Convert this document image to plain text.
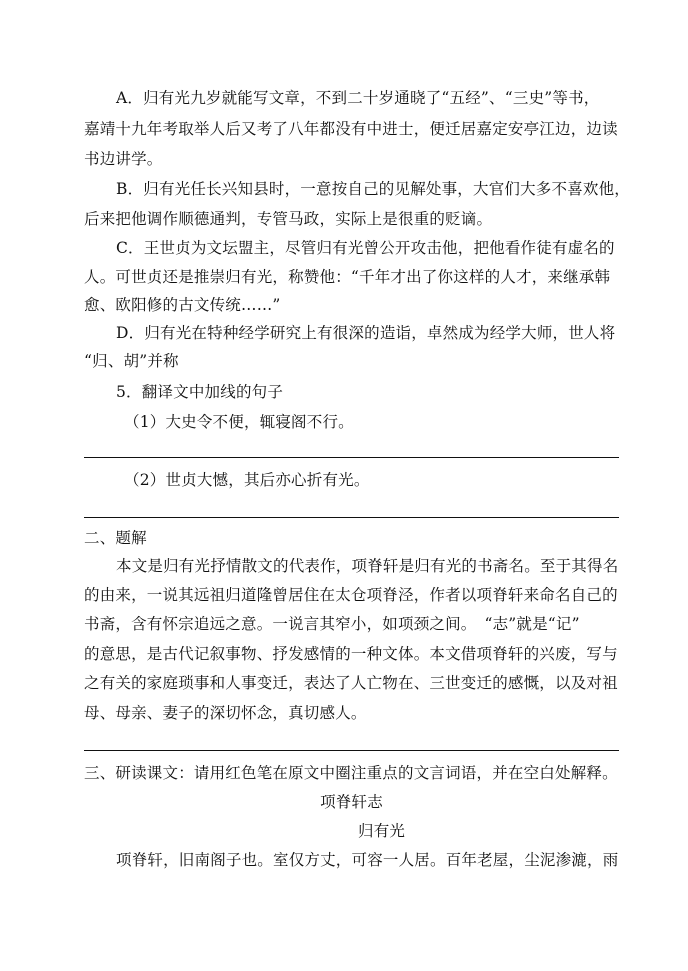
A．归有光九岁就能写文章，不到二十岁通晓了“五经”、“三史”等书，
嘉靖十九年考取举人后又考了八年都没有中进士，便迁居嘉定安亭江边，边读
书边讲学。
B．归有光任长兴知县时，一意按自己的见解处事，大官们大多不喜欢他，
后来把他调作顺德通判，专管马政，实际上是很重的贬谪。
C．王世贞为文坛盟主，尽管归有光曾公开攻击他，把他看作徒有虚名的
人。可世贞还是推崇归有光，称赞他：“千年才出了你这样的人才，来继承韩
愈、欧阳修的古文传统……”
D．归有光在特种经学研究上有很深的造诣，卓然成为经学大师，世人将
“归、胡”并称
5．翻译文中加线的句子
（1）大史令不便，辄寝阁不行。
（2）世贞大憾，其后亦心折有光。
二、题解
本文是归有光抒情散文的代表作，项脊轩是归有光的书斋名。至于其得名
的由来，一说其远祖归道隆曾居住在太仓项脊泾，作者以项脊轩来命名自己的
书斋，含有怀宗追远之意。一说言其窄小，如项颈之间。　“志”就是“记”
的意思，是古代记叙事物、抒发感情的一种文体。本文借项脊轩的兴废，写与
之有关的家庭琐事和人事变迁，表达了人亡物在、三世变迁的感慨，以及对祖
母、母亲、妻子的深切怀念，真切感人。
三、研读课文：请用红色笔在原文中圈注重点的文言词语，并在空白处解释。
项脊轩志
归有光
项脊轩，旧南阁子也。室仅方丈，可容一人居。百年老屋，尘泥渗漉，雨
